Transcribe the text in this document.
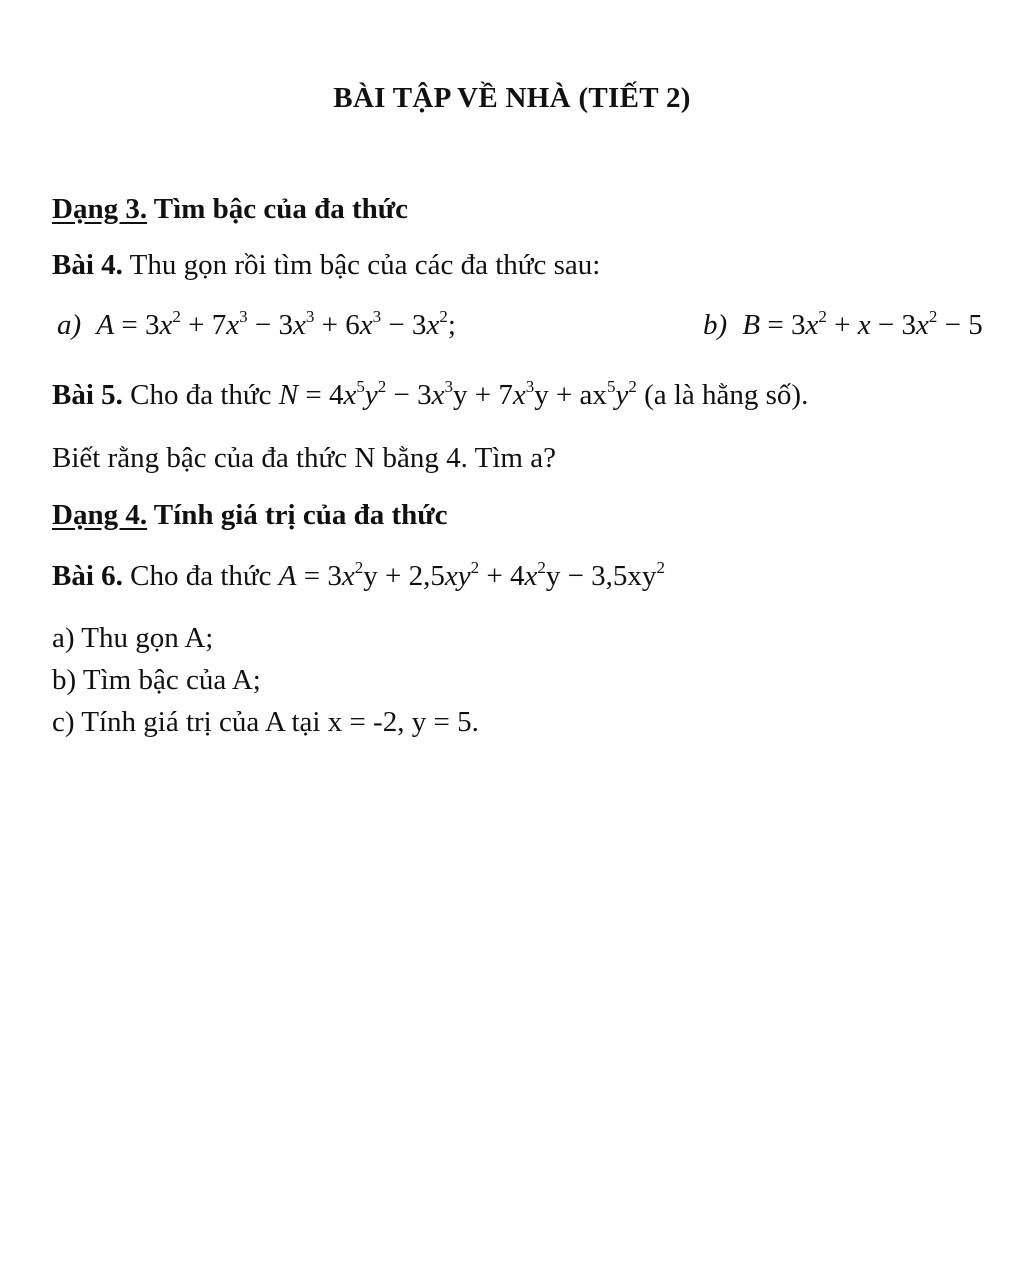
BÀI TẬP VỀ NHÀ (TIẾT 2)
Dạng 3. Tìm bậc của đa thức
Bài 4. Thu gọn rồi tìm bậc của các đa thức sau:
a) $A = 3x^2 + 7x^3 - 3x^3 + 6x^3 - 3x^2$;	b) $B = 3x^2 + x - 3x^2 - 5$
Bài 5. Cho đa thức $N = 4x^5y^2 - 3x^3y + 7x^3y + ax^5y^2$ (a là hằng số).
Biết rằng bậc của đa thức N bằng 4. Tìm a?
Dạng 4. Tính giá trị của đa thức
Bài 6. Cho đa thức $A = 3x^2y + 2,5xy^2 + 4x^2y - 3,5xy^2$
a) Thu gọn A;
b) Tìm bậc của A;
c) Tính giá trị của A tại x = -2, y = 5.
